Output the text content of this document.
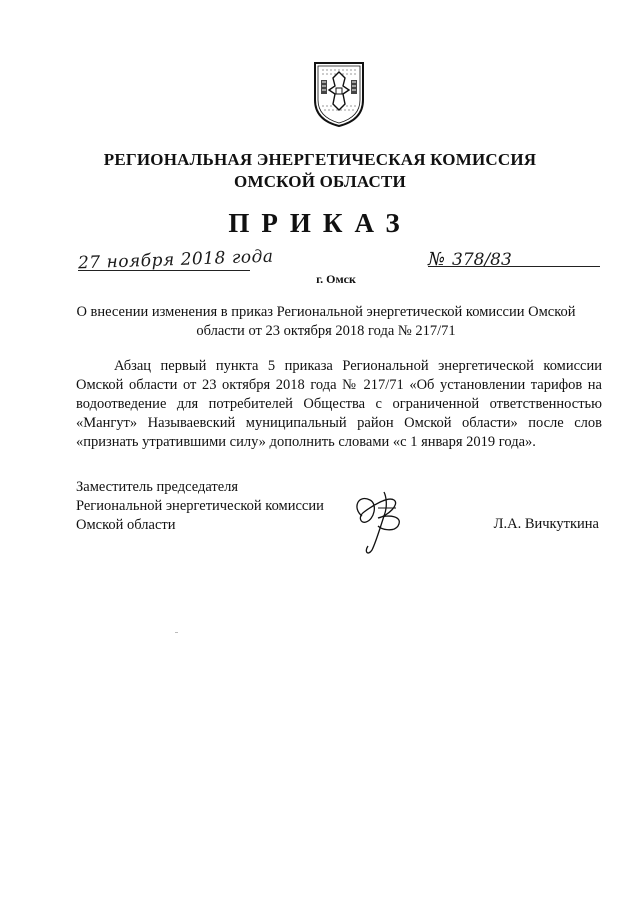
РЕГИОНАЛЬНАЯ ЭНЕРГЕТИЧЕСКАЯ КОМИССИЯ
ОМСКОЙ ОБЛАСТИ
ПРИКАЗ
27 ноября 2018 года	№ 378/83
г. Омск
О внесении изменения в приказ Региональной энергетической комиссии Омской области от 23 октября 2018 года № 217/71
Абзац первый пункта 5 приказа Региональной энергетической комиссии Омской области от 23 октября 2018 года № 217/71 «Об установлении тарифов на водоотведение для потребителей Общества с ограниченной ответственностью «Мангут» Называевский муниципальный район Омской области» после слов «признать утратившими силу» дополнить словами «с 1 января 2019 года».
Заместитель председателя
Региональной энергетической комиссии
Омской области	Л.А. Вичкуткина
